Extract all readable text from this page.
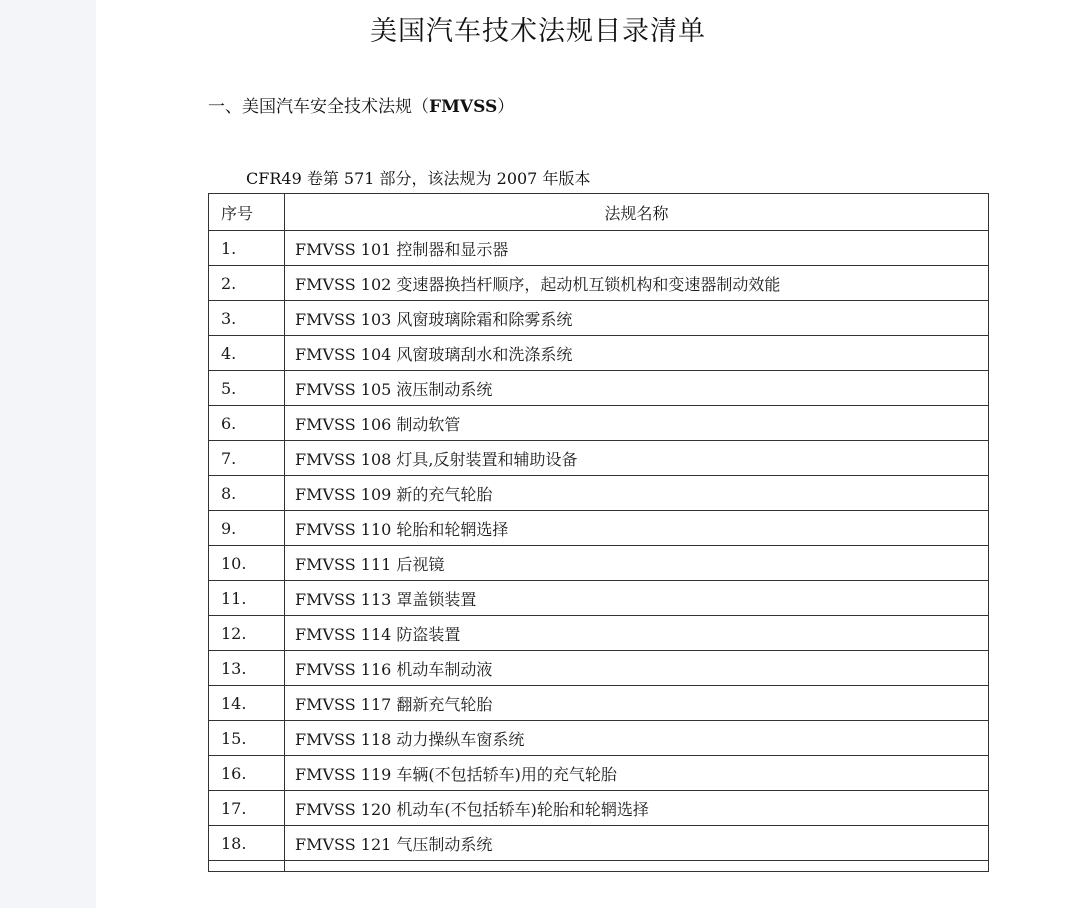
美国汽车技术法规目录清单
一、美国汽车安全技术法规（FMVSS）
CFR49 卷第 571 部分，该法规为 2007 年版本
序号	法规名称
1.	FMVSS 101 控制器和显示器
2.	FMVSS 102 变速器换挡杆顺序，起动机互锁机构和变速器制动效能
3.	FMVSS 103 风窗玻璃除霜和除雾系统
4.	FMVSS 104 风窗玻璃刮水和洗涤系统
5.	FMVSS 105 液压制动系统
6.	FMVSS 106 制动软管
7.	FMVSS 108 灯具,反射装置和辅助设备
8.	FMVSS 109 新的充气轮胎
9.	FMVSS 110 轮胎和轮辋选择
10.	FMVSS 111 后视镜
11.	FMVSS 113 罩盖锁装置
12.	FMVSS 114 防盗装置
13.	FMVSS 116 机动车制动液
14.	FMVSS 117 翻新充气轮胎
15.	FMVSS 118 动力操纵车窗系统
16.	FMVSS 119 车辆(不包括轿车)用的充气轮胎
17.	FMVSS 120 机动车(不包括轿车)轮胎和轮辋选择
18.	FMVSS 121 气压制动系统
